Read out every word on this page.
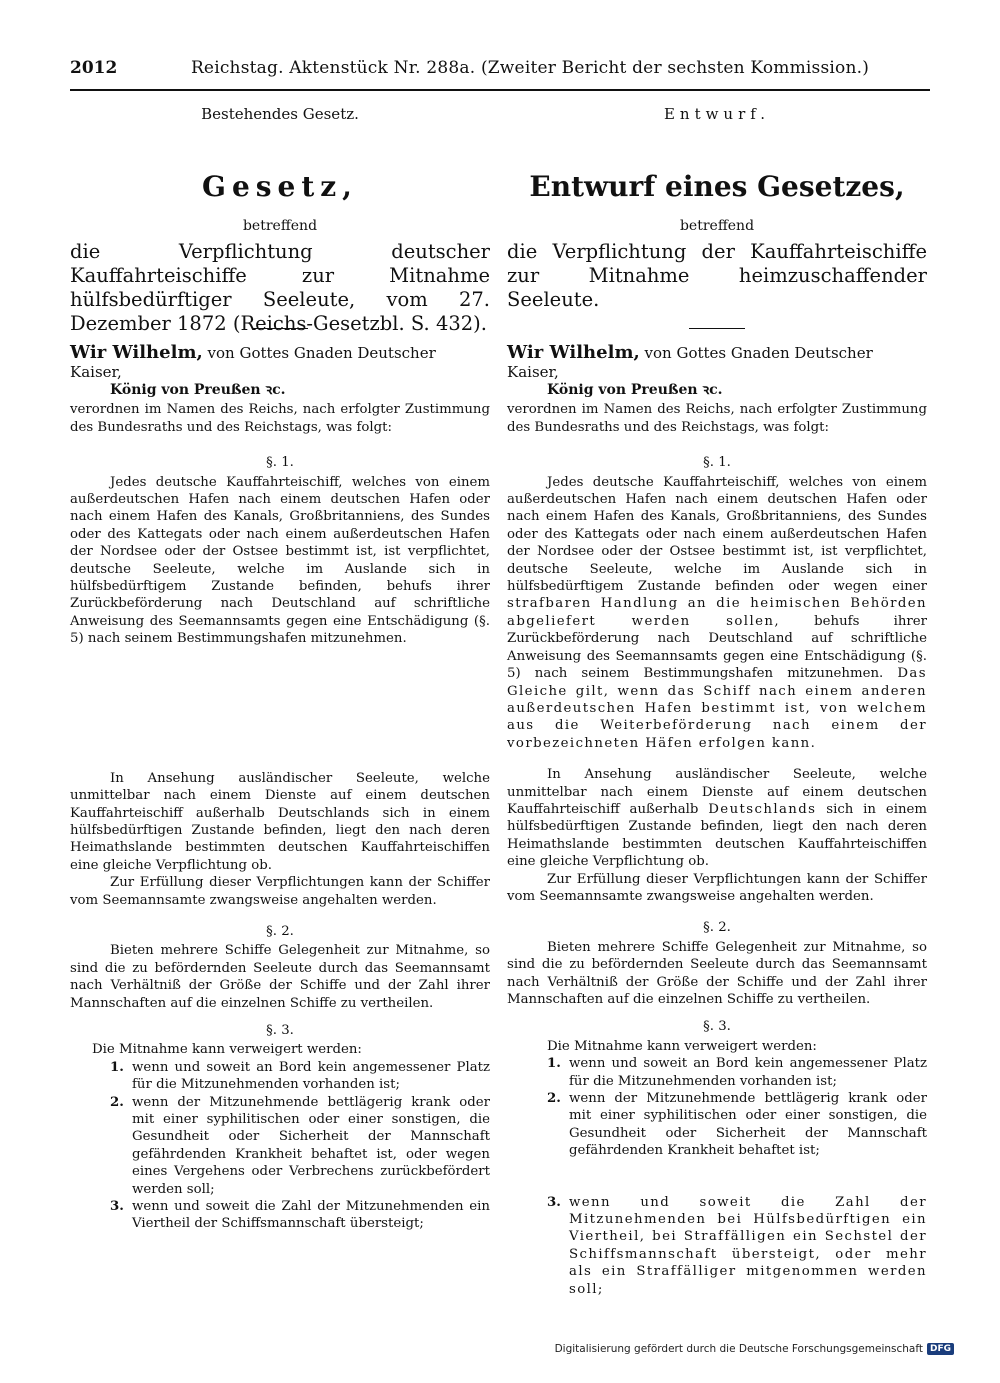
2012	Reichstag. Aktenstück Nr. 288a. (Zweiter Bericht der sechsten Kommission.)
Bestehendes Gesetz.
Gesetz,
betreffend
die Verpflichtung deutscher Kauffahrteischiffe zur Mitnahme hülfsbedürftiger Seeleute, vom 27. Dezember 1872 (Reichs-Gesetzbl. S. 432).
Wir Wilhelm, von Gottes Gnaden Deutscher Kaiser,
König von Preußen ꝛc.

verordnen im Namen des Reichs, nach erfolgter Zustimmung des Bundesraths und des Reichstags, was folgt:

§. 1.

Jedes deutsche Kauffahrteischiff, welches von einem außerdeutschen Hafen nach einem deutschen Hafen oder nach einem Hafen des Kanals, Großbritanniens, des Sundes oder des Kattegats oder nach einem außerdeutschen Hafen der Nordsee oder der Ostsee bestimmt ist, ist verpflichtet, deutsche Seeleute, welche im Auslande sich in hülfsbedürftigem Zustande befinden, behufs ihrer Zurückbeförderung nach Deutschland auf schriftliche Anweisung des Seemannsamts gegen eine Entschädigung (§. 5) nach seinem Bestimmungshafen mitzunehmen.

In Ansehung ausländischer Seeleute, welche unmittelbar nach einem Dienste auf einem deutschen Kauffahrteischiff außerhalb Deutschlands sich in einem hülfsbedürftigen Zustande befinden, liegt den nach deren Heimathslande bestimmten deutschen Kauffahrteischiffen eine gleiche Verpflichtung ob.

Zur Erfüllung dieser Verpflichtungen kann der Schiffer vom Seemannsamte zwangsweise angehalten werden.

§. 2.

Bieten mehrere Schiffe Gelegenheit zur Mitnahme, so sind die zu befördernden Seeleute durch das Seemannsamt nach Verhältniß der Größe der Schiffe und der Zahl ihrer Mannschaften auf die einzelnen Schiffe zu vertheilen.

§. 3.

Die Mitnahme kann verweigert werden:

1. wenn und soweit an Bord kein angemessener Platz für die Mitzunehmenden vorhanden ist;
2. wenn der Mitzunehmende bettlägerig krank oder mit einer syphilitischen oder einer sonstigen, die Gesundheit oder Sicherheit der Mannschaft gefährdenden Krankheit behaftet ist, oder wegen eines Vergehens oder Verbrechens zurückbefördert werden soll;
3. wenn und soweit die Zahl der Mitzunehmenden ein Viertheil der Schiffsmannschaft übersteigt;
Entwurf.
Entwurf eines Gesetzes,
betreffend
die Verpflichtung der Kauffahrteischiffe zur Mitnahme heimzuschaffender Seeleute.
Wir Wilhelm, von Gottes Gnaden Deutscher Kaiser,
König von Preußen ꝛc.

verordnen im Namen des Reichs, nach erfolgter Zustimmung des Bundesraths und des Reichstags, was folgt:

§. 1.

Jedes deutsche Kauffahrteischiff, welches von einem außerdeutschen Hafen nach einem deutschen Hafen oder nach einem Hafen des Kanals, Großbritanniens, des Sundes oder des Kattegats oder nach einem außerdeutschen Hafen der Nordsee oder der Ostsee bestimmt ist, ist verpflichtet, deutsche Seeleute, welche im Auslande sich in hülfsbedürftigem Zustande befinden oder wegen einer strafbaren Handlung an die heimischen Behörden abgeliefert werden sollen,	behufs ihrer Zurückbeförderung nach Deutschland auf schriftliche Anweisung des Seemannsamts gegen eine Entschädigung (§. 5) nach seinem Bestimmungshafen mitzunehmen. Das Gleiche gilt, wenn das Schiff nach einem anderen außerdeutschen Hafen bestimmt ist, von welchem aus die Weiterbeförderung nach einem der vorbezeichneten Häfen erfolgen kann.

In Ansehung ausländischer Seeleute, welche unmittelbar nach einem Dienste auf einem deutschen Kauffahrteischiff außerhalb Deutschlands sich in einem hülfsbedürftigen Zustande befinden, liegt den nach deren Heimathslande bestimmten deutschen Kauffahrteischiffen eine gleiche Verpflichtung ob.

Zur Erfüllung dieser Verpflichtungen kann der Schiffer vom Seemannsamte zwangsweise angehalten werden.

§. 2.

Bieten mehrere Schiffe Gelegenheit zur Mitnahme, so sind die zu befördernden Seeleute durch das Seemannsamt nach Verhältniß der Größe der Schiffe und der Zahl ihrer Mannschaften auf die einzelnen Schiffe zu vertheilen.

§. 3.

Die Mitnahme kann verweigert werden:

1. wenn und soweit an Bord kein angemessener Platz für die Mitzunehmenden vorhanden ist;
2. wenn der Mitzunehmende bettlägerig krank oder mit einer syphilitischen oder einer sonstigen, die Gesundheit oder Sicherheit der Mannschaft gefährdenden Krankheit behaftet ist;
3. wenn und soweit die Zahl der Mitzunehmenden bei Hülfsbedürftigen ein Viertheil, bei Straffälligen ein Sechstel der Schiffsmannschaft übersteigt, oder mehr als ein Straffälliger mitgenommen werden soll;
Digitalisierung gefördert durch die Deutsche Forschungsgemeinschaft DFG
